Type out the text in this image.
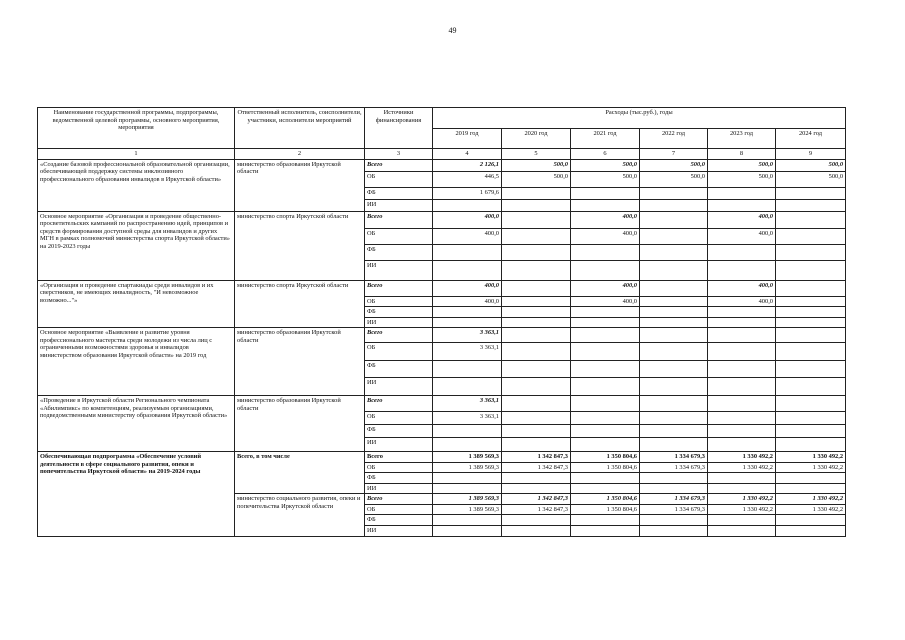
49
Наименование государственной программы, подпрограммы, ведомственной целевой программы, основного мероприятия, мероприятия	Ответственный исполнитель, соисполнители, участники, исполнители мероприятий	Источники финансирования	Расходы (тыс.руб.), годы					
			2019 год	2020 год	2021 год	2022 год	2023 год	2024 год
1	2	3	4	5	6	7	8	9
«Создание базовой профессиональной образовательной организации, обеспечивающей поддержку системы инклюзивного профессионального образования инвалидов в Иркутской области»	министерство образования Иркутской области	Всего	2 126,1	500,0	500,0	500,0	500,0	500,0
		ОБ	446,5	500,0	500,0	500,0	500,0	500,0
		ФБ	1 679,6					
		ИИ						
Основное мероприятие «Организация и проведение общественно-просветительских кампаний по распространению идей, принципов и средств формирования доступной среды для инвалидов и других МГН в рамках полномочий министерства спорта Иркутской области» на 2019-2023 годы	министерство спорта Иркутской области	Всего	400,0		400,0		400,0	
		ОБ	400,0		400,0		400,0	
		ФБ						
		ИИ						
«Организация и проведение спартакиады среди инвалидов и их сверстников, не имеющих инвалидность, "И невозможное возможно..."»	министерство спорта Иркутской области	Всего	400,0		400,0		400,0	
		ОБ	400,0		400,0		400,0	
		ФБ						
		ИИ						
Основное мероприятие «Выявление и развитие уровня профессионального мастерства среди молодежи из числа лиц с ограниченными возможностями здоровья и инвалидов министерством образования Иркутской области» на 2019 год	министерство образования Иркутской области	Всего	3 363,1					
		ОБ	3 363,1					
		ФБ						
		ИИ						
«Проведение в Иркутской области Регионального чемпионата «Абилимпикс» по компетенциям, реализуемым организациями, подведомственными министерству образования Иркутской области»	министерство образования Иркутской области	Всего	3 363,1					
		ОБ	3 363,1					
		ФБ						
		ИИ						
Обеспечивающая подпрограмма «Обеспечение условий деятельности в сфере социального развития, опеки и попечительства Иркутской области» на 2019-2024 годы	Всего, в том числе	Всего	1 389 569,3	1 342 847,3	1 350 804,6	1 334 679,3	1 330 492,2	1 330 492,2
		ОБ	1 389 569,3	1 342 847,3	1 350 804,6	1 334 679,3	1 330 492,2	1 330 492,2
		ФБ						
		ИИ						
	министерство социального развития, опеки и попечительства Иркутской области	Всего	1 389 569,3	1 342 847,3	1 350 804,6	1 334 679,3	1 330 492,2	1 330 492,2
		ОБ	1 389 569,3	1 342 847,3	1 350 804,6	1 334 679,3	1 330 492,2	1 330 492,2
		ФБ						
		ИИ						
